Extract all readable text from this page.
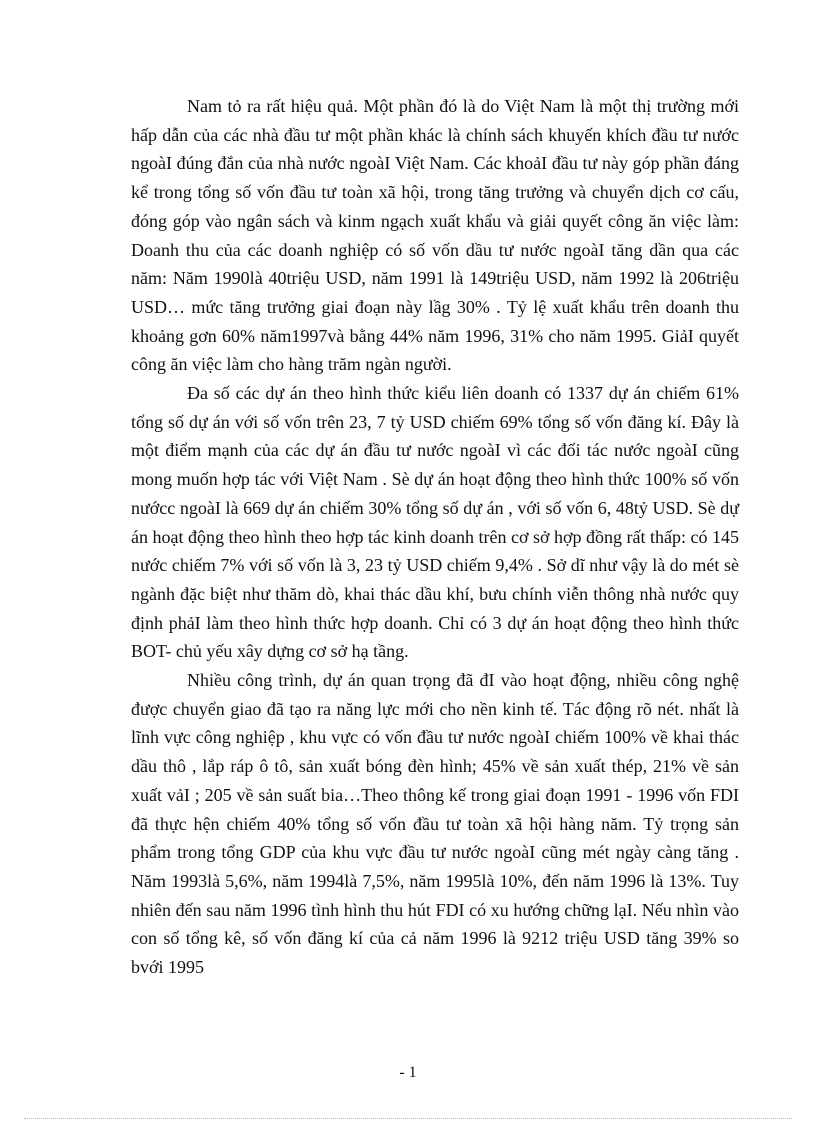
Nam tỏ ra rất hiệu quả. Một phần đó là do Việt Nam là một thị trường mới hấp dẫn của các nhà đầu tư một phần khác là chính sách khuyến khích đầu tư nước ngoàI đúng đắn của nhà nước ngoàI Việt Nam. Các khoảI đầu tư này góp phần đáng kể trong tổng số vốn đầu tư toàn xã hội, trong tăng trưởng và chuyển dịch cơ cấu, đóng góp vào ngân sách và kinm ngạch xuất khẩu và giải quyết công ăn việc làm: Doanh thu của các doanh nghiệp có số vốn dầu tư nước ngoàI tăng dần qua các năm: Năm 1990là 40triệu USD, năm 1991 là 149triệu USD, năm 1992 là 206triệu USD… mức tăng trưởng giai đoạn này lầg 30% . Tỷ lệ xuất khẩu trên doanh thu khoảng gơn 60% năm1997và bằng 44% năm 1996, 31% cho năm 1995. GiảI quyết công ăn việc làm cho hàng trăm ngàn người.

Đa số các dự án theo hình thức kiểu liên doanh có 1337 dự án chiếm 61% tổng số dự án với số vốn trên 23, 7 tỷ USD chiếm 69% tổng số vốn đăng kí. Đây là một điểm mạnh của các dự án đầu tư nước ngoàI vì các đối tác nước ngoàI cũng mong muốn hợp tác với Việt Nam . Sè dự án hoạt động theo hình thức 100% số vốn nướcc ngoàI là 669 dự án chiếm 30% tổng số dự án , với số vốn 6, 48tỷ USD. Sè dự án hoạt động theo hình theo hợp tác kinh doanh trên cơ sở hợp đồng rất thấp: có 145 nước chiếm 7% với số vốn là 3, 23 tỷ USD chiếm 9,4% . Sở dĩ như vậy là do mét sè ngành đặc biệt như thăm dò, khai thác dầu khí, bưu chính viễn thông nhà nước quy định phảI làm theo hình thức hợp doanh. Chỉ có 3 dự án hoạt động theo hình thức BOT- chủ yếu xây dựng cơ sở hạ tầng.

Nhiều công trình, dự án quan trọng đã đI vào hoạt động, nhiều công nghệ được chuyển giao đã tạo ra năng lực mới cho nền kinh tế. Tác động rõ nét. nhất là lĩnh vực công nghiệp , khu vực có vốn đầu tư nước ngoàI chiếm 100% về khai thác dầu thô , lắp ráp ô tô, sản xuất bóng đèn hình; 45% về sản xuất thép, 21% về sản xuất vảI ; 205 về sản suất bia…Theo thông kế trong giai đoạn 1991 - 1996 vốn FDI đã thực hện chiếm 40% tổng số vốn đầu tư toàn xã hội hàng năm. Tỷ trọng sản phẩm trong tổng GDP của khu vực đầu tư nước ngoàI cũng mét ngày càng tăng . Năm 1993là 5,6%, năm 1994là 7,5%, năm 1995là 10%, đến năm 1996 là 13%. Tuy nhiên đến sau năm 1996 tình hình thu hút FDI có xu hướng chững lạI. Nếu nhìn vào con số tổng kê, số vốn đăng kí của cả năm 1996 là 9212 triệu USD tăng 39% so bvới 1995

- 1
